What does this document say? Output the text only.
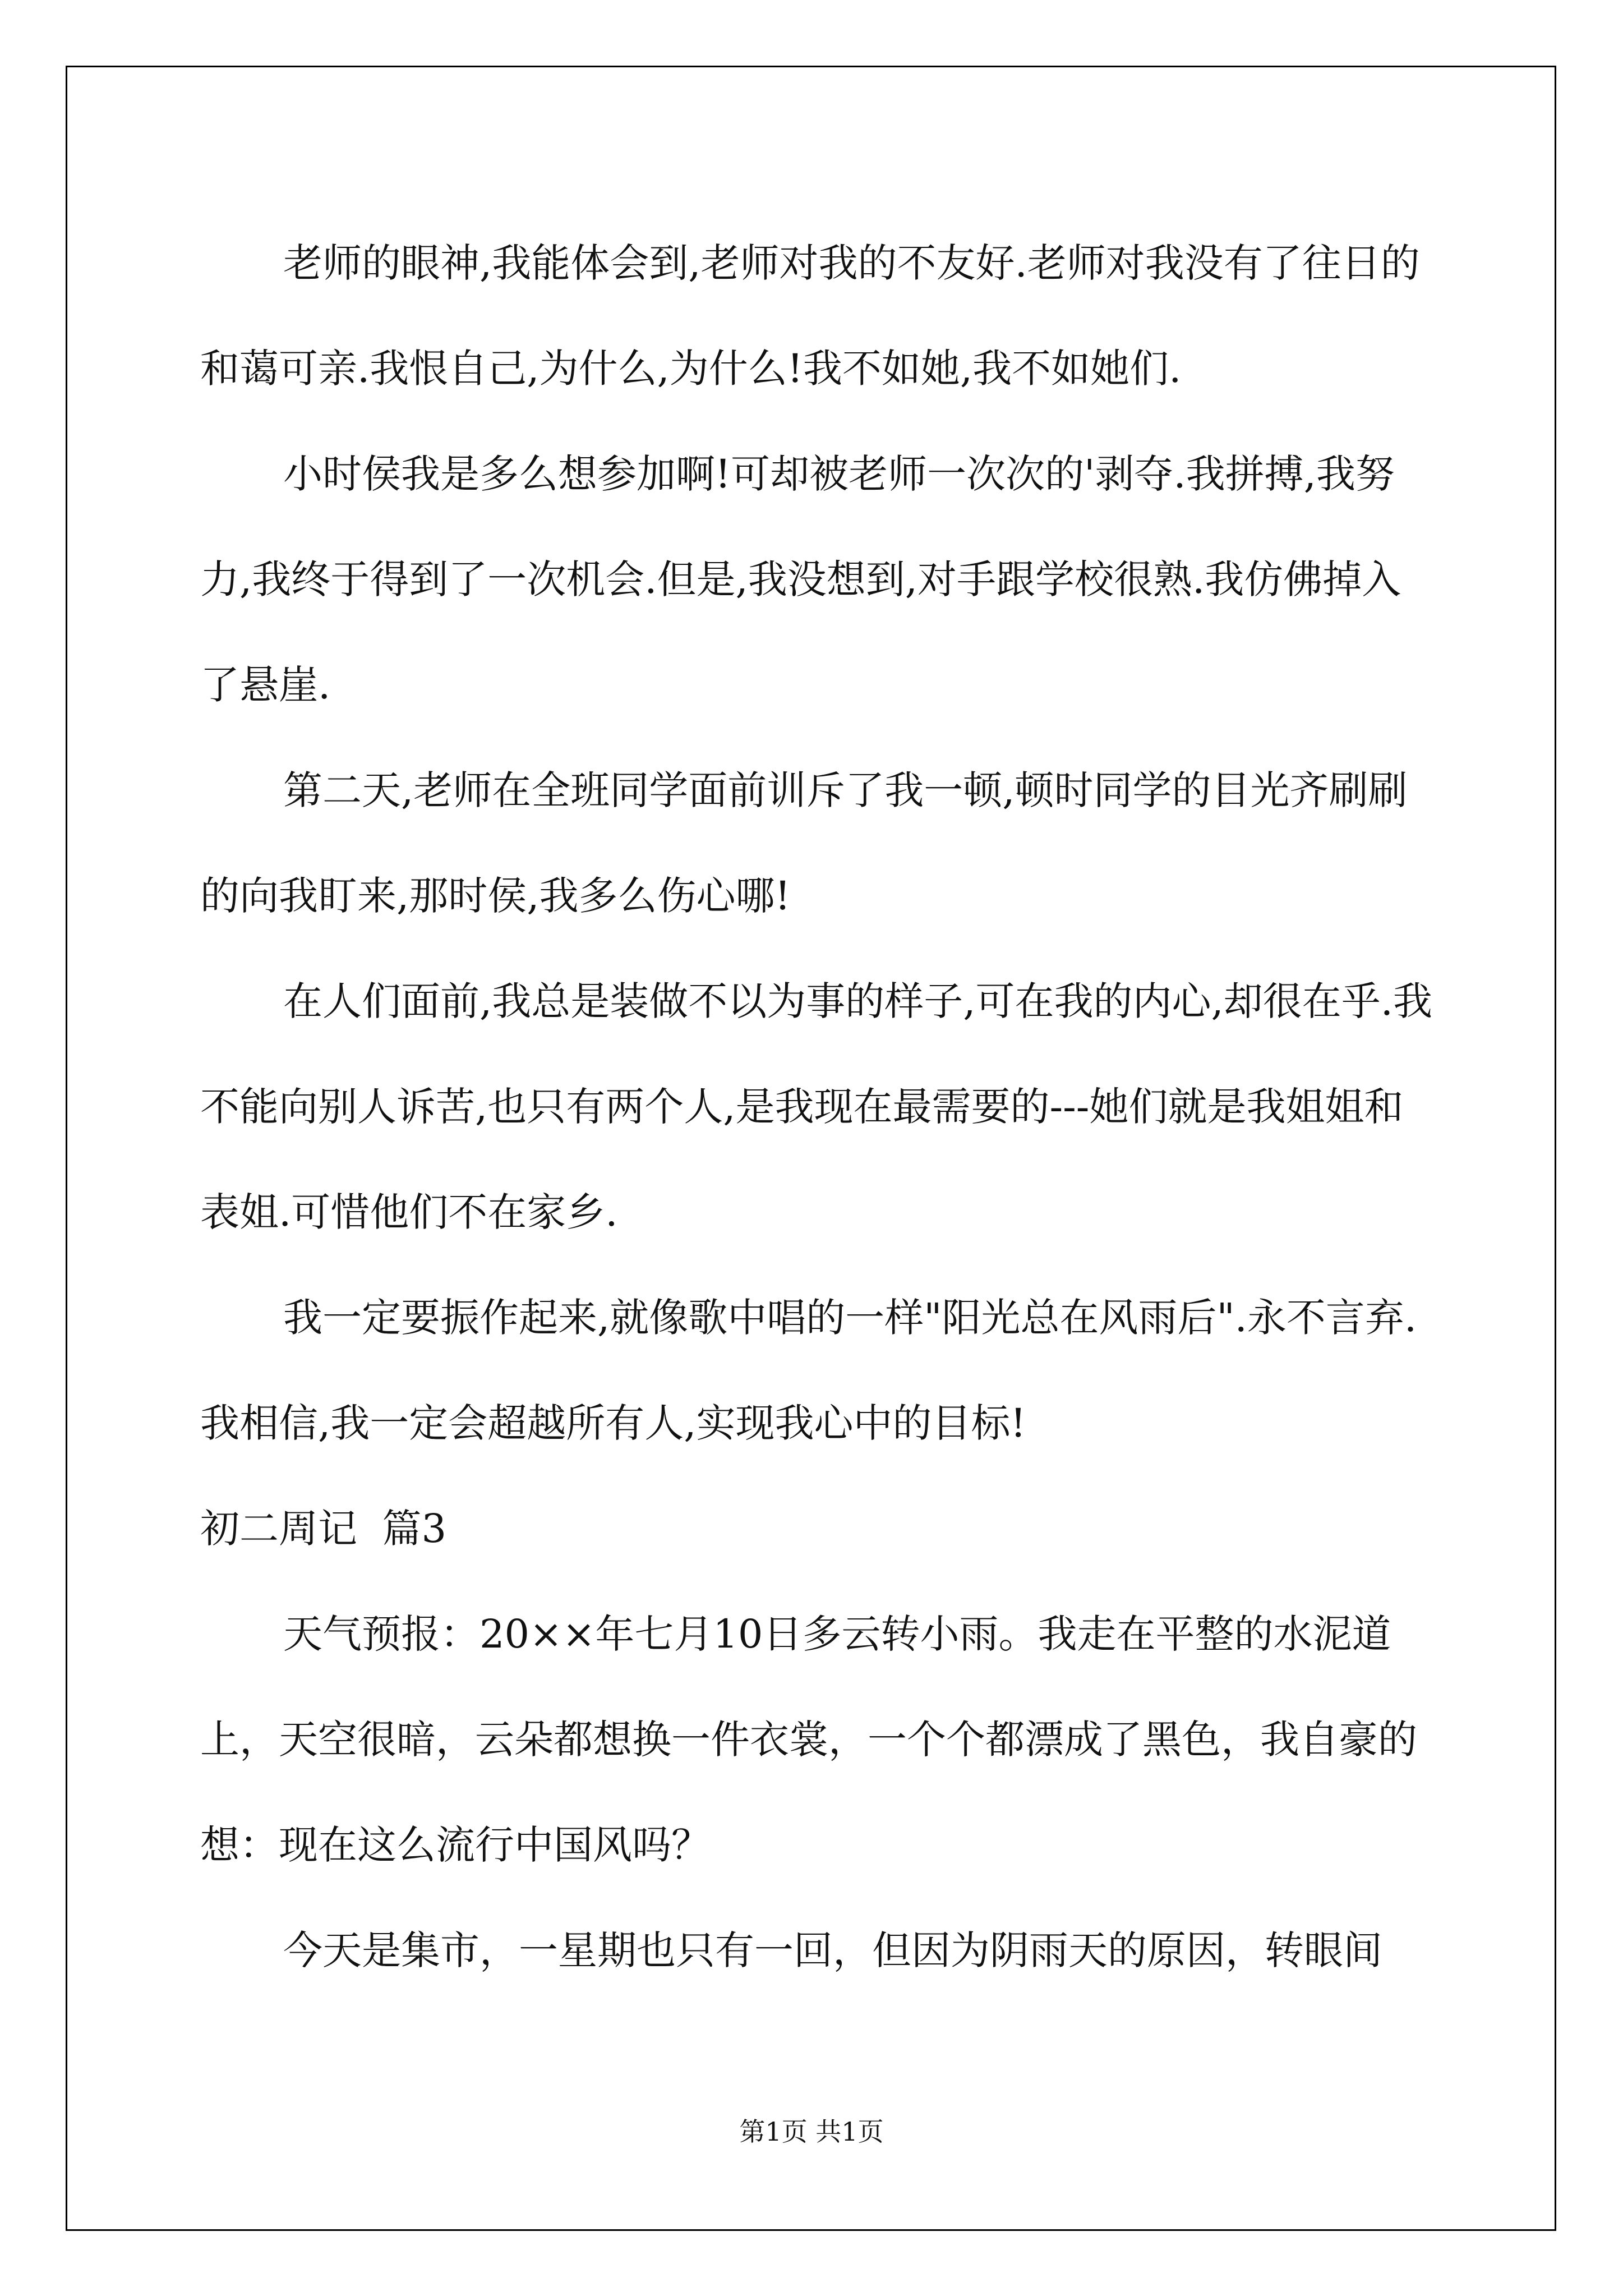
老师的眼神,我能体会到,老师对我的不友好.老师对我没有了往日的和蔼可亲.我恨自己,为什么,为什么!我不如她,我不如她们.

小时侯我是多么想参加啊!可却被老师一次次的'剥夺.我拼搏,我努力,我终于得到了一次机会.但是,我没想到,对手跟学校很熟.我仿佛掉入了悬崖.

第二天,老师在全班同学面前训斥了我一顿,顿时同学的目光齐刷刷的向我盯来,那时侯,我多么伤心哪!

在人们面前,我总是装做不以为事的样子,可在我的内心,却很在乎.我不能向别人诉苦,也只有两个人,是我现在最需要的---她们就是我姐姐和表姐.可惜他们不在家乡.

我一定要振作起来,就像歌中唱的一样"阳光总在风雨后".永不言弃.我相信,我一定会超越所有人,实现我心中的目标!

初二周记  篇3

天气预报：20××年七月10日多云转小雨。我走在平整的水泥道上，天空很暗，云朵都想换一件衣裳，一个个都漂成了黑色，我自豪的想：现在这么流行中国风吗？

今天是集市，一星期也只有一回，但因为阴雨天的原因，转眼间

第1页 共1页
